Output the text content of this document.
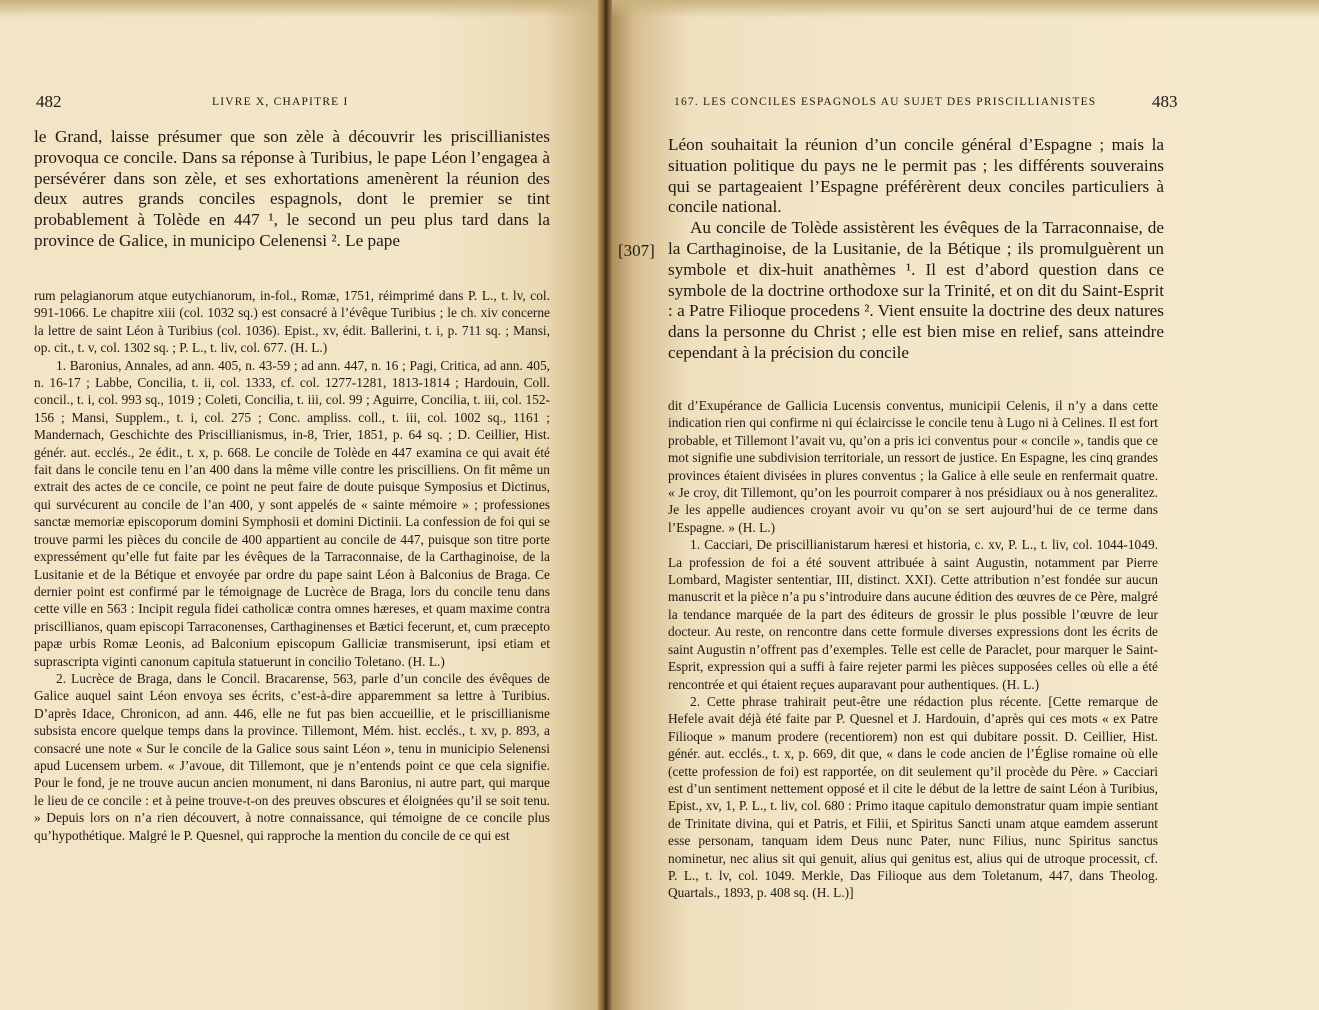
482	LIVRE X, CHAPITRE I

le Grand, laisse présumer que son zèle à découvrir les priscillianistes provoqua ce concile. Dans sa réponse à Turibius, le pape Léon l’engagea à persévérer dans son zèle, et ses exhortations amenèrent la réunion des deux autres grands conciles espagnols, dont le premier se tint probablement à Tolède en 447 ¹, le second un peu plus tard dans la province de Galice, in municipo Celenensi ². Le pape

rum pelagianorum atque eutychianorum, in-fol., Romæ, 1751, réimprimé dans P. L., t. lv, col. 991-1066. Le chapitre xiii (col. 1032 sq.) est consacré à l’évêque Turibius ; le ch. xiv concerne la lettre de saint Léon à Turibius (col. 1036). Epist., xv, édit. Ballerini, t. i, p. 711 sq. ; Mansi, op. cit., t. v, col. 1302 sq. ; P. L., t. liv, col. 677. (H. L.)

1. Baronius, Annales, ad ann. 405, n. 43-59 ; ad ann. 447, n. 16 ; Pagi, Critica, ad ann. 405, n. 16-17 ; Labbe, Concilia, t. ii, col. 1333, cf. col. 1277-1281, 1813-1814 ; Hardouin, Coll. concil., t. i, col. 993 sq., 1019 ; Coleti, Concilia, t. iii, col. 99 ; Aguirre, Concilia, t. iii, col. 152-156 ; Mansi, Supplem., t. i, col. 275 ; Conc. ampliss. coll., t. iii, col. 1002 sq., 1161 ; Mandernach, Geschichte des Priscillianismus, in-8, Trier, 1851, p. 64 sq. ; D. Ceillier, Hist. génér. aut. ecclés., 2e édit., t. x, p. 668. Le concile de Tolède en 447 examina ce qui avait été fait dans le concile tenu en l’an 400 dans la même ville contre les priscilliens. On fit même un extrait des actes de ce concile, ce point ne peut faire de doute puisque Symposius et Dictinus, qui survécurent au concile de l’an 400, y sont appelés de « sainte mémoire » ; professiones sanctæ memoriæ episcoporum domini Symphosii et domini Dictinii. La confession de foi qui se trouve parmi les pièces du concile de 400 appartient au concile de 447, puisque son titre porte expressément qu’elle fut faite par les évêques de la Tarraconnaise, de la Carthaginoise, de la Lusitanie et de la Bétique et envoyée par ordre du pape saint Léon à Balconius de Braga. Ce dernier point est confirmé par le témoignage de Lucrèce de Braga, lors du concile tenu dans cette ville en 563 : Incipit regula fidei catholicæ contra omnes hæreses, et quam maxime contra priscillianos, quam episcopi Tarraconenses, Carthaginenses et Bætici fecerunt, et, cum præcepto papæ urbis Romæ Leonis, ad Balconium episcopum Galliciæ transmiserunt, ipsi etiam et suprascripta viginti canonum capitula statuerunt in concilio Toletano. (H. L.)

2. Lucrèce de Braga, dans le Concil. Bracarense, 563, parle d’un concile des évêques de Galice auquel saint Léon envoya ses écrits, c’est-à-dire apparemment sa lettre à Turibius. D’après Idace, Chronicon, ad ann. 446, elle ne fut pas bien accueillie, et le priscillianisme subsista encore quelque temps dans la province. Tillemont, Mém. hist. ecclés., t. xv, p. 893, a consacré une note « Sur le concile de la Galice sous saint Léon », tenu in municipio Selenensi apud Lucensem urbem. « J’avoue, dit Tillemont, que je n’entends point ce que cela signifie. Pour le fond, je ne trouve aucun ancien monument, ni dans Baronius, ni autre part, qui marque le lieu de ce concile : et à peine trouve-t-on des preuves obscures et éloignées qu’il se soit tenu. » Depuis lors on n’a rien découvert, à notre connaissance, qui témoigne de ce concile plus qu’hypothétique. Malgré le P. Quesnel, qui rapproche la mention du concile de ce qui est

167. LES CONCILES ESPAGNOLS AU SUJET DES PRISCILLIANISTES	483
[307]

Léon souhaitait la réunion d’un concile général d’Espagne ; mais la situation politique du pays ne le permit pas ; les différents souverains qui se partageaient l’Espagne préférèrent deux conciles particuliers à concile national.

Au concile de Tolède assistèrent les évêques de la Tarraconnaise, de la Carthaginoise, de la Lusitanie, de la Bétique ; ils promulguèrent un symbole et dix-huit anathèmes ¹. Il est d’abord question dans ce symbole de la doctrine orthodoxe sur la Trinité, et on dit du Saint-Esprit : a Patre Filioque procedens ². Vient ensuite la doctrine des deux natures dans la personne du Christ ; elle est bien mise en relief, sans atteindre cependant à la précision du concile

dit d’Exupérance de Gallicia Lucensis conventus, municipii Celenis, il n’y a dans cette indication rien qui confirme ni qui éclaircisse le concile tenu à Lugo ni à Celines. Il est fort probable, et Tillemont l’avait vu, qu’on a pris ici conventus pour « concile », tandis que ce mot signifie une subdivision territoriale, un ressort de justice. En Espagne, les cinq grandes provinces étaient divisées in plures conventus ; la Galice à elle seule en renfermait quatre. « Je croy, dit Tillemont, qu’on les pourroit comparer à nos présidiaux ou à nos generalitez. Je les appelle audiences croyant avoir vu qu’on se sert aujourd’hui de ce terme dans l’Espagne. » (H. L.)

1. Cacciari, De priscillianistarum hæresi et historia, c. xv, P. L., t. liv, col. 1044-1049. La profession de foi a été souvent attribuée à saint Augustin, notamment par Pierre Lombard, Magister sententiar, III, distinct. XXI). Cette attribution n’est fondée sur aucun manuscrit et la pièce n’a pu s’introduire dans aucune édition des œuvres de ce Père, malgré la tendance marquée de la part des éditeurs de grossir le plus possible l’œuvre de leur docteur. Au reste, on rencontre dans cette formule diverses expressions dont les écrits de saint Augustin n’offrent pas d’exemples. Telle est celle de Paraclet, pour marquer le Saint-Esprit, expression qui a suffi à faire rejeter parmi les pièces supposées celles où elle a été rencontrée et qui étaient reçues auparavant pour authentiques. (H. L.)

2. Cette phrase trahirait peut-être une rédaction plus récente. [Cette remarque de Hefele avait déjà été faite par P. Quesnel et J. Hardouin, d’après qui ces mots « ex Patre Filioque » manum prodere (recentiorem) non est qui dubitare possit. D. Ceillier, Hist. génér. aut. ecclés., t. x, p. 669, dit que, « dans le code ancien de l’Église romaine où elle (cette profession de foi) est rapportée, on dit seulement qu’il procède du Père. » Cacciari est d’un sentiment nettement opposé et il cite le début de la lettre de saint Léon à Turibius, Epist., xv, 1, P. L., t. liv, col. 680 : Primo itaque capitulo demonstratur quam impie sentiant de Trinitate divina, qui et Patris, et Filii, et Spiritus Sancti unam atque eamdem asserunt esse personam, tanquam idem Deus nunc Pater, nunc Filius, nunc Spiritus sanctus nominetur, nec alius sit qui genuit, alius qui genitus est, alius qui de utroque processit, cf. P. L., t. lv, col. 1049. Merkle, Das Filioque aus dem Toletanum, 447, dans Theolog. Quartals., 1893, p. 408 sq. (H. L.)]
